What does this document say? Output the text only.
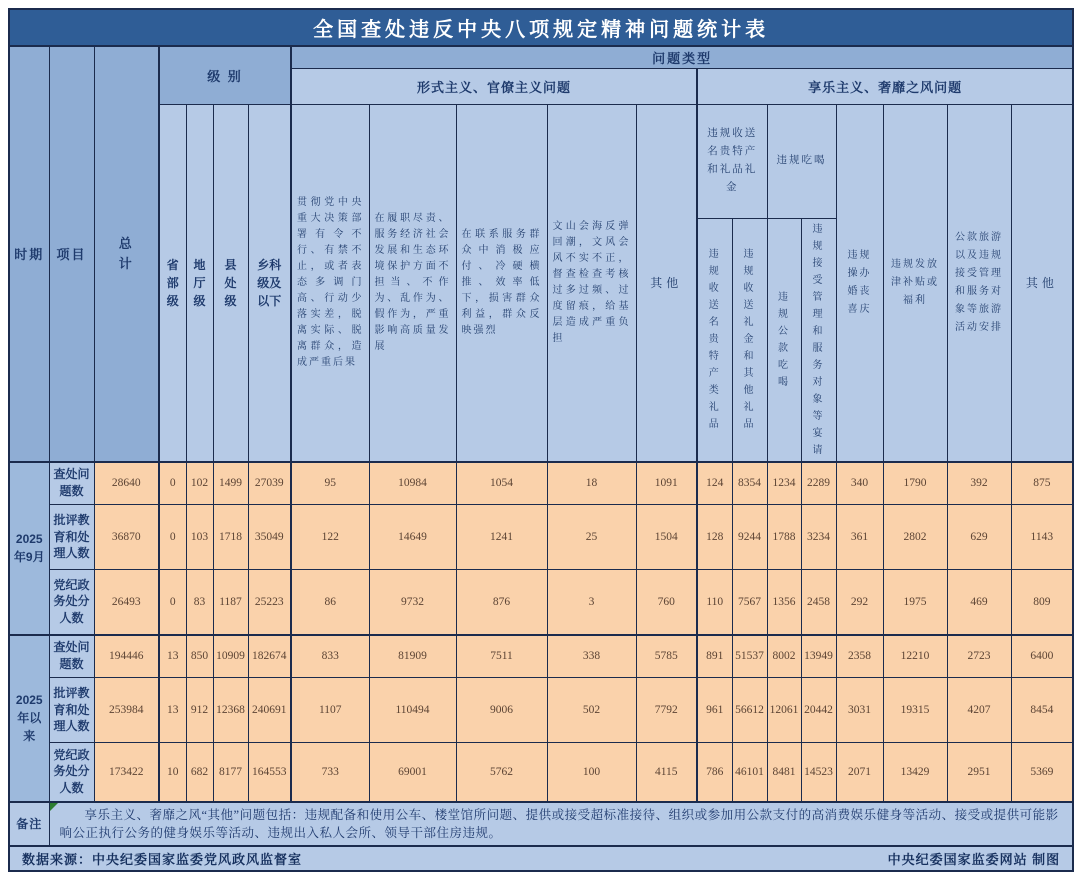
全国查处违反中央八项规定精神问题统计表																			
时期	项目	总计	级 别				问题类型												
							形式主义、官僚主义问题					享乐主义、奢靡之风问题							
			省部级	地厅级	县处级	乡科级及以下	贯彻党中央重大决策部署有令不行、有禁不止，或者表态多调门高、行动少落实差，脱离实际、脱离群众，造成严重后果	在履职尽责、服务经济社会发展和生态环境保护方面不担当、不作为、乱作为、假作为，严重影响高质量发展	在联系服务群众中消极应付、冷硬横推、效率低下，损害群众利益，群众反映强烈	文山会海反弹回潮，文风会风不实不正，督查检查考核过多过频、过度留痕，给基层造成严重负担	其他	违规收送名贵特产和礼品礼金		违规吃喝		违规操办婚丧喜庆	违规发放津补贴或福利	公款旅游以及违规接受管理和服务对象等旅游活动安排	其他
												违规收送名贵特产类礼品	违规收送礼金和其他礼品	违规公款吃喝	违规接受管理和服务对象等宴请				
2025年9月	查处问题数	28640	0	102	1499	27039	95	10984	1054	18	1091	124	8354	1234	2289	340	1790	392	875
	批评教育和处理人数	36870	0	103	1718	35049	122	14649	1241	25	1504	128	9244	1788	3234	361	2802	629	1143
	党纪政务处分人数	26493	0	83	1187	25223	86	9732	876	3	760	110	7567	1356	2458	292	1975	469	809
2025年以来	查处问题数	194446	13	850	10909	182674	833	81909	7511	338	5785	891	51537	8002	13949	2358	12210	2723	6400
	批评教育和处理人数	253984	13	912	12368	240691	1107	110494	9006	502	7792	961	56612	12061	20442	3031	19315	4207	8454
	党纪政务处分人数	173422	10	682	8177	164553	733	69001	5762	100	4115	786	46101	8481	14523	2071	13429	2951	5369
备注	享乐主义、奢靡之风“其他”问题包括：违规配备和使用公车、楼堂馆所问题、提供或接受超标准接待、组织或参加用公款支付的高消费娱乐健身等活动、接受或提供可能影响公正执行公务的健身娱乐等活动、违规出入私人会所、领导干部住房违规。																		

数据来源：中央纪委国家监委党风政风监督室 中央纪委国家监委网站 制图																			
